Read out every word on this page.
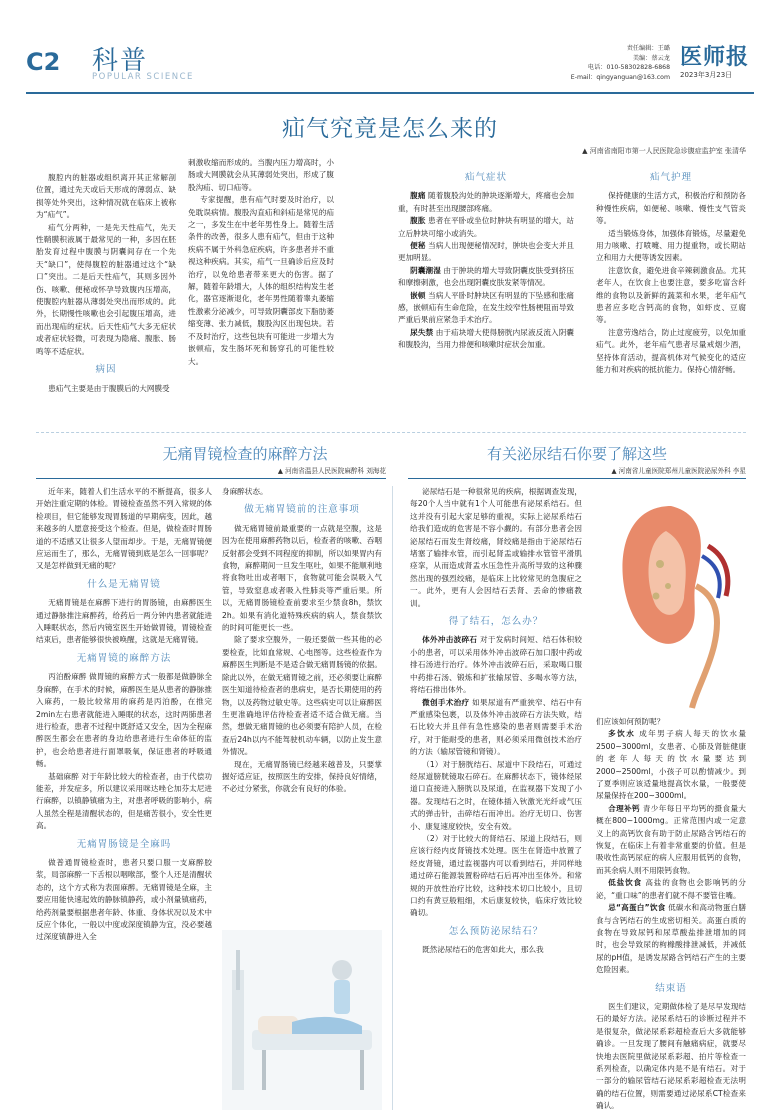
C2 科普
POPULAR SCIENCE
责任编辑：王璐
美编：蔡云龙
电话：010-58302828-6868
E-mail：qingyanguan@163.com
医师报
2023年3月23日
疝气究竟是怎么来的
▲ 河南省南阳市第一人民医院急诊腹症监护室 张清华

腹腔内的脏器或组织离开其正常解剖位置，通过先天或后天形成的薄弱点、缺损等处外突出，这种情况就在临床上被称为“疝气”。

疝气分两种，一是先天性疝气，先天性鞘膜积液属于最常见的一种，多因在胚胎发育过程中腹膜与阴囊间存在一个先天“缺口”，使得腹腔的脏器通过这个“缺口”突出。二是后天性疝气，其则多因外伤、咳嗽、便秘或怀孕导致腹内压增高，使腹腔内脏器从薄弱处突出而形成的。此外，长期慢性咳嗽也会引起腹压增高，进而出现疝的症状。后天性疝气大多无症状或者症状轻微，可表现为隐痛、腹胀、肠鸣等不适症状。

病因

患疝气主要是由于腹膜后的大网膜受

刺激收缩而形成的。当腹内压力增高时，小肠或大网膜就会从其薄弱处突出，形成了腹股沟疝、切口疝等。

专家提醒，患有疝气时要及时治疗，以免耽误病情。腹股沟直疝和斜疝是常见的疝之一，多发生在中老年男性身上。随着生活条件的改善，很多人患有疝气，但由于这种疾病不属于外科急症疾病，许多患者并不重视这种疾病。其实，疝气一旦确诊后应及时治疗，以免给患者带来更大的伤害。据了解，随着年龄增大，人体的组织结构发生老化，器官逐渐退化，老年男性随着睾丸萎缩性激素分泌减少，可导致阴囊部皮下脂肪萎缩变薄、张力减低，腹股沟区出现包块。若不及时治疗，这些包块有可能进一步增大为嵌顿疝，发生肠坏死和肠穿孔的可能性较大。

疝气症状

腹痛 随着腹股沟处的肿块逐渐增大，疼痛也会加重，有时甚至出现腰部疼痛。

腹胀 患者在平卧或坐位时肿块有明显的增大，站立后肿块可缩小或消失。

便秘 当病人出现便秘情况时，肿块也会变大并且更加明显。

阴囊潮湿 由于肿块的增大导致阴囊皮肤受到挤压和摩擦刺激，也会出现阴囊皮肤发紧等情况。

嵌顿 当病人平卧时肿块区有明显的下坠感和胀痛感，嵌顿疝有生命危险，在发生绞窄性肠梗阻而导致严重后果前应紧急手术治疗。

尿失禁 由于疝块增大使得膀胱内尿液反流入阴囊和腹股沟，当用力排便和咳嗽时症状会加重。

疝气护理

保持健康的生活方式，积极治疗和预防各种慢性疾病，如便秘、咳嗽、慢性支气管炎等。

适当锻炼身体，加强体育锻炼，尽量避免用力咳嗽、打喷嚏、用力提重物，或长期站立和用力大便等诱发因素。

注意饮食，避免进食辛辣刺激食品。尤其老年人，在饮食上也要注意，要多吃富含纤维的食物以及新鲜的蔬菜和水果，老年疝气患者应多吃含钙高的食物，如虾皮、豆腐等。

注意劳逸结合，防止过度疲劳，以免加重疝气。此外，老年疝气患者尽量戒烟少酒，坚持体育活动，提高机体对气候变化的适应能力和对疾病的抵抗能力。保持心情舒畅。

无痛胃镜检查的麻醉方法
▲ 河南省温县人民医院麻醉科 刘海花

近年来，随着人们生活水平的不断提高，很多人开始注重定期的体检。胃镜检查虽然不列入常规的体检项目，但它能够发现胃肠道的早期病变，因此，越来越多的人愿意接受这个检查。但是，做检查时胃肠道的不适感又让很多人望而却步。于是，无痛胃镜便应运而生了，那么，无痛胃镜到底是怎么一回事呢？又是怎样做到无痛的呢？

什么是无痛胃镜

无痛胃镜是在麻醉下进行的胃肠镜，由麻醉医生通过静脉推注麻醉药，给药后一两分钟内患者就能进入睡眠状态，然后内镜室医生开始做胃镜，胃镜检查结束后，患者能够很快被唤醒，这就是无痛胃镜。

无痛胃镜的麻醉方法

丙泊酚麻醉 做胃镜的麻醉方式一般都是做静脉全身麻醉，在手术的时候，麻醉医生是从患者的静脉推入麻药，一般比较常用的麻药是丙泊酚，在推完2min左右患者就能进入睡眠的状态，这时两肺患者进行检查，患者不过程中既舒适又安全，因为全程麻醉医生都会在患者的身边给患者进行生命体征的监护，也会给患者进行面罩吸氧，保证患者的呼吸通畅。

基础麻醉 对于年龄比较大的检查者，由于代偿功能差，并发症多，所以建议采用咪达唑仑加芬太尼进行麻醉，以镇静镇痛为主，对患者呼吸的影响小，病人虽然全程是清醒状态的，但是痛苦很小，安全性更高。

无痛胃肠镜是全麻吗

做普通胃镜检查时，患者只要口服一支麻醉胶浆，局部麻醉一下舌根以咽喉部，整个人还是清醒状态的，这个方式称为表面麻醉。无痛胃镜是全麻，主要应用能快速起效的静脉镇静药，或小剂量镇痛药，给药剂量要根据患者年龄、体重、身体状况以及术中反应个体化，一般以中度或深度镇静为宜，没必要越过深度镇静进入全

身麻醉状态。

做无痛胃镜前的注意事项

做无痛胃镜前最重要的一点就是空腹，这是因为在使用麻醉药物以后，检查者的咳嗽、吞咽反射都会受到不同程度的抑制，所以如果胃内有食物，麻醉期间一旦发生呕吐，如果不能顺利地将食物吐出或者咽下，食物就可能会误吸入气管，导致窒息或者吸入性肺炎等严重后果。所以，无痛胃肠镜检查前要求至少禁食8h，禁饮2h。如果有消化道特殊疾病的病人，禁食禁饮的时间可能更长一些。

除了要求空腹外，一般还要做一些其他的必要检查，比如血常规、心电图等。这些检查作为麻醉医生判断是不是适合做无痛胃肠镜的依据。除此以外，在做无痛胃镜之前，还必须要让麻醉医生知道待检查者的患病史，是否长期使用的药物，以及药物过敏史等。这些病史可以让麻醉医生更准确地评估待检查者适不适合做无痛。当然，想做无痛胃镜的也必须要有陪护人员，在检查后24h以内不能驾驶机动车辆，以防止发生意外情况。

现在，无痛胃肠镜已经越来越普及，只要掌握好适应证，按照医生的安排，保持良好情绪，不必过分紧张，你就会有良好的体验。

有关泌尿结石你要了解这些
▲ 河南省儿童医院郑州儿童医院泌尿外科 李星

泌尿结石是一种很常见的疾病，根据调查发现，每20个人当中就有1个人可能患有泌尿系结石。但这并没有引起大家足够的重视，实际上泌尿系结石给我们造成的危害是不容小觑的。有部分患者会因泌尿结石而发生肾绞痛，肾绞痛是指由于泌尿结石堵塞了输排水管，而引起肾盂或输排水管管平滑肌痉挛，从而造成肾盂水压急性升高所导致的这种骤然出现的强烈绞痛，是临床上比较常见的急腹症之一。此外，更有人会因结石丢肾、丢命的惨痛教训。

得了结石，怎么办？

体外冲击波碎石 对于发病时间短、结石体积较小的患者，可以采用体外冲击波碎石加口服中药或排石汤进行治疗。体外冲击波碎石后，采取喝口服中药排石汤、锻炼和扩张输尿管、多喝水等方法，将结石排出体外。

微创手术治疗 如果尿道有严重狭窄、结石中有严重感染包裹，以及体外冲击波碎石方法失败，结石比较大并且伴有急性感染的患者则需要手术治疗，对于能耐受的患者，则必须采用微创技术治疗的方法（输尿管镜和肾镜）。

（1）对于膀胱结石、尿道中下段结石，可通过经尿道膀胱镜取石碎石。在麻醉状态下，镜体经尿道口直接进入膀胱以及尿道，在监视器下发现了小器。发现结石之时，在镜体插入钬激光光纤或气压式的弹击针，击碎结石而冲出。治疗无切口、伤害小、康复速度较快，安全有效。

（2）对于比较大的肾结石、尿道上段结石，则应该行经内皮肾镜技术处理。医生在肾造中放置了经皮肾镜，通过监视器内可以看到结石，并同样地通过碎石能源装置粉碎结石后再冲出至体外。和常规的开放性治疗比较，这种技术切口比较小，且切口约有黄豆般粗细，术后康复较快，临床疗效比较确切。

怎么预防泌尿结石？

既然泌尿结石的危害如此大，那么我

们应该如何预防呢？

多饮水 成年男子病人每天的饮水量2500~3000ml，女患者、心肺及肾脏健康的老年人每天的饮水量要达到2000~2500ml，小孩子可以酌情减少。到了夏季则应该适量地提高饮水量，一般要使尿量保持在200~3000ml。

合理补钙 青少年每日平均钙的摄食量大概在800~1000mg。正常范围内或一定意义上的高钙饮食有助于防止尿路含钙结石的恢复，在临床上有着非常重要的价值。但是吸收性高钙尿症的病人应服用低钙的食物，而其余病人则不用限钙食物。

低盐饮食 高盐的食物也会影响钙的分泌，“重口味”的患者们就不得不要管住嘴。

忌“高蛋白”饮食 低碳水和高动物蛋白膳食与含钙结石的生成密切相关。高蛋白质的食物在导致尿钙和尿草酸盐排泄增加的同时，也会导致尿的枸橼酸排泄减低，并减低尿的pH值，是诱发尿路含钙结石产生的主要危险因素。

结束语

医生们建议，定期做体检了是尽早发现结石的最好方法。泌尿系结石的诊断过程并不是很复杂，做泌尿系彩超检查后大多就能够确诊。一旦发现了腰间有触痛病症，就要尽快地去医院里做泌尿系彩超、拍片等检查一系列检查，以确定体内是不是有结石。对于一部分的输尿管结石泌尿系彩超检查无法明确的结石位置，则需要通过泌尿系CT检查来确认。
